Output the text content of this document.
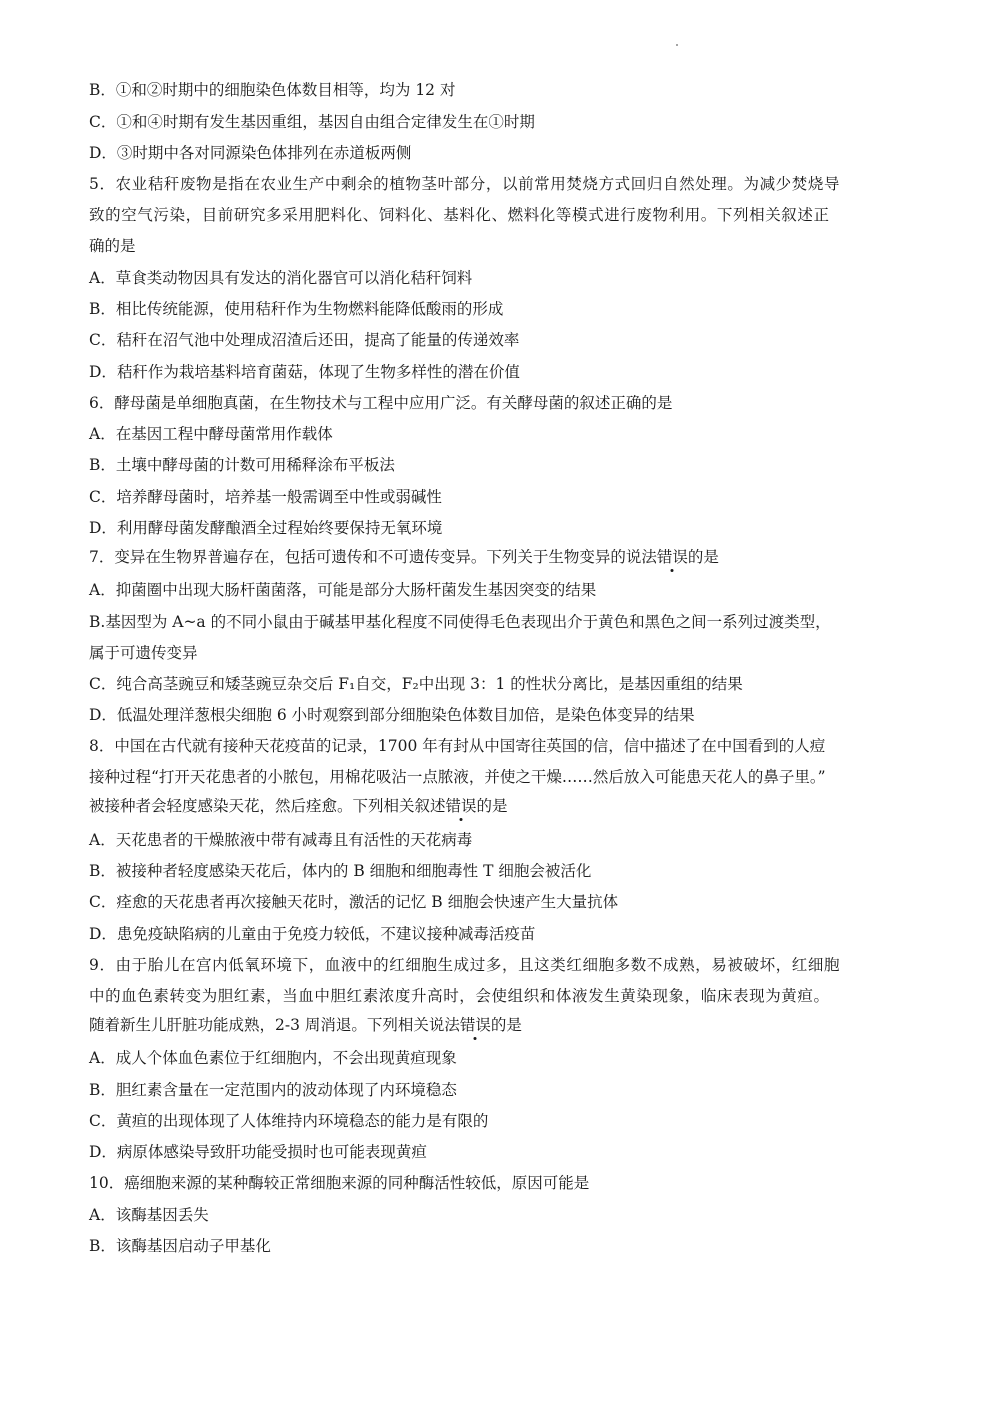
B．①和②时期中的细胞染色体数目相等，均为 12 对
C．①和④时期有发生基因重组，基因自由组合定律发生在①时期
D．③时期中各对同源染色体排列在赤道板两侧
5．农业秸秆废物是指在农业生产中剩余的植物茎叶部分，以前常用焚烧方式回归自然处理。为减少焚烧导
致的空气污染，目前研究多采用肥料化、饲料化、基料化、燃料化等模式进行废物利用。下列相关叙述正
确的是
A．草食类动物因具有发达的消化器官可以消化秸秆饲料
B．相比传统能源，使用秸秆作为生物燃料能降低酸雨的形成
C．秸秆在沼气池中处理成沼渣后还田，提高了能量的传递效率
D．秸秆作为栽培基料培育菌菇，体现了生物多样性的潜在价值
6．酵母菌是单细胞真菌，在生物技术与工程中应用广泛。有关酵母菌的叙述正确的是
A．在基因工程中酵母菌常用作载体
B．土壤中酵母菌的计数可用稀释涂布平板法
C．培养酵母菌时，培养基一般需调至中性或弱碱性
D．利用酵母菌发酵酿酒全过程始终要保持无氧环境
7．变异在生物界普遍存在，包括可遗传和不可遗传变异。下列关于生物变异的说法错误的是
A．抑菌圈中出现大肠杆菌菌落，可能是部分大肠杆菌发生基因突变的结果
B.基因型为 A~a 的不同小鼠由于碱基甲基化程度不同使得毛色表现出介于黄色和黑色之间一系列过渡类型，
属于可遗传变异
C．纯合高茎豌豆和矮茎豌豆杂交后 F₁自交，F₂中出现 3：1 的性状分离比，是基因重组的结果
D．低温处理洋葱根尖细胞 6 小时观察到部分细胞染色体数目加倍，是染色体变异的结果
8．中国在古代就有接种天花疫苗的记录，1700 年有封从中国寄往英国的信，信中描述了在中国看到的人痘
接种过程“打开天花患者的小脓包，用棉花吸沾一点脓液，并使之干燥……然后放入可能患天花人的鼻子里。”
被接种者会轻度感染天花，然后痊愈。下列相关叙述错误的是
A．天花患者的干燥脓液中带有减毒且有活性的天花病毒
B．被接种者轻度感染天花后，体内的 B 细胞和细胞毒性 T 细胞会被活化
C．痊愈的天花患者再次接触天花时，激活的记忆 B 细胞会快速产生大量抗体
D．患免疫缺陷病的儿童由于免疫力较低，不建议接种减毒活疫苗
9．由于胎儿在宫内低氧环境下，血液中的红细胞生成过多，且这类红细胞多数不成熟，易被破坏，红细胞
中的血色素转变为胆红素，当血中胆红素浓度升高时，会使组织和体液发生黄染现象，临床表现为黄疸。
随着新生儿肝脏功能成熟，2-3 周消退。下列相关说法错误的是
A．成人个体血色素位于红细胞内，不会出现黄疸现象
B．胆红素含量在一定范围内的波动体现了内环境稳态
C．黄疸的出现体现了人体维持内环境稳态的能力是有限的
D．病原体感染导致肝功能受损时也可能表现黄疸
10．癌细胞来源的某种酶较正常细胞来源的同种酶活性较低，原因可能是
A．该酶基因丢失
B．该酶基因启动子甲基化
